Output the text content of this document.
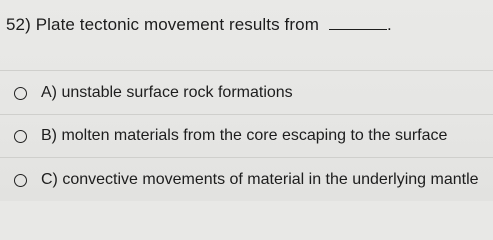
52) Plate tectonic movement results from	.
A) unstable surface rock formations
B) molten materials from the core escaping to the surface
C) convective movements of material in the underlying mantle
